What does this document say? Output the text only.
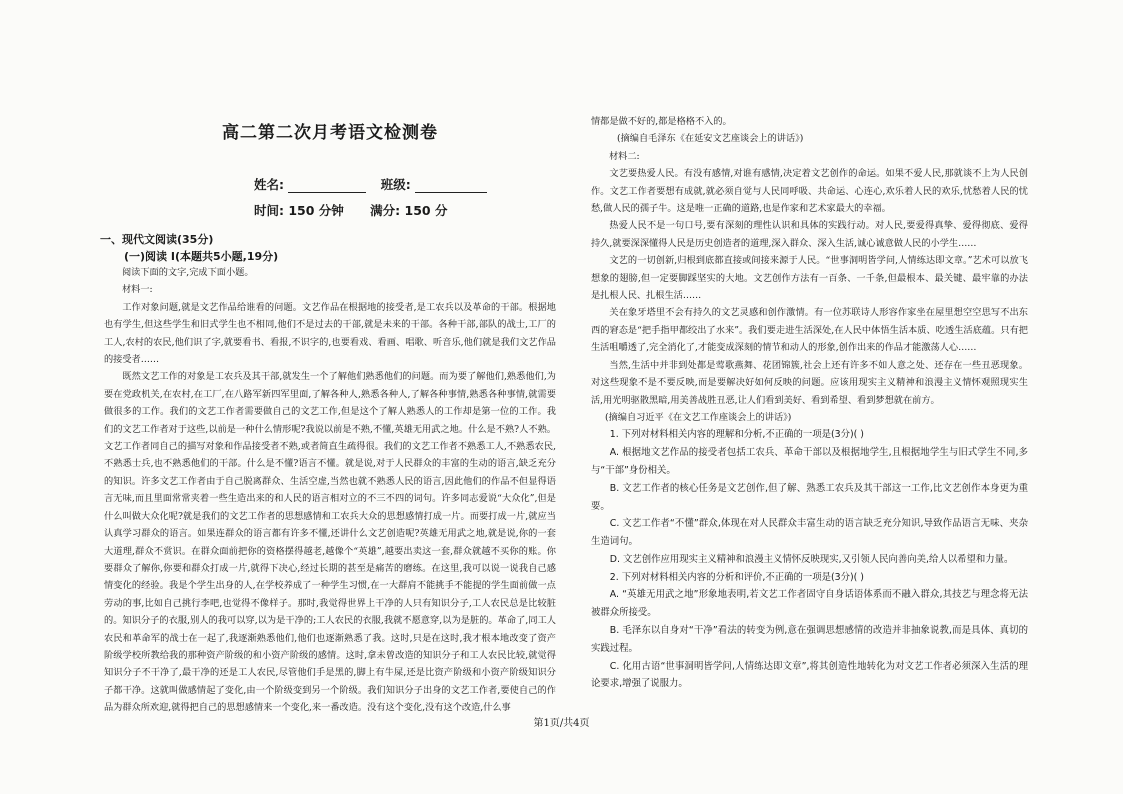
高二第二次月考语文检测卷
姓名:	班级:
时间: 150 分钟 满分: 150 分
一、现代文阅读(35分)
(一)阅读 I(本题共5小题,19分)
阅读下面的文字,完成下面小题。
材料一:

工作对象问题,就是文艺作品给谁看的问题。文艺作品在根据地的接受者,是工农兵以及革命的干部。根据地也有学生,但这些学生和旧式学生也不相同,他们不是过去的干部,就是未来的干部。各种干部,部队的战士,工厂的工人,农村的农民,他们识了字,就要看书、看报,不识字的,也要看戏、看画、唱歌、听音乐,他们就是我们文艺作品的接受者……

既然文艺工作的对象是工农兵及其干部,就发生一个了解他们熟悉他们的问题。而为要了解他们,熟悉他们,为要在党政机关,在农村,在工厂,在八路军新四军里面,了解各种人,熟悉各种人,了解各种事情,熟悉各种事情,就需要做很多的工作。我们的文艺工作者需要做自己的文艺工作,但是这个了解人熟悉人的工作却是第一位的工作。我们的文艺工作者对于这些,以前是一种什么情形呢?我说以前是不熟,不懂,英雄无用武之地。什么是不熟?人不熟。文艺工作者同自己的描写对象和作品接受者不熟,或者简直生疏得很。我们的文艺工作者不熟悉工人,不熟悉农民,不熟悉士兵,也不熟悉他们的干部。什么是不懂?语言不懂。就是说,对于人民群众的丰富的生动的语言,缺乏充分的知识。许多文艺工作者由于自己脱离群众、生活空虚,当然也就不熟悉人民的语言,因此他们的作品不但显得语言无味,而且里面常常夹着一些生造出来的和人民的语言相对立的不三不四的词句。许多同志爱说“大众化”,但是什么叫做大众化呢?就是我们的文艺工作者的思想感情和工农兵大众的思想感情打成一片。而要打成一片,就应当认真学习群众的语言。如果连群众的语言都有许多不懂,还讲什么文艺创造呢?英雄无用武之地,就是说,你的一套大道理,群众不赏识。在群众面前把你的资格摆得越老,越像个“英雄”,越要出卖这一套,群众就越不买你的账。你要群众了解你,你要和群众打成一片,就得下决心,经过长期的甚至是痛苦的磨练。在这里,我可以说一说我自己感情变化的经验。我是个学生出身的人,在学校养成了一种学生习惯,在一大群肩不能挑手不能提的学生面前做一点劳动的事,比如自己挑行李吧,也觉得不像样子。那时,我觉得世界上干净的人只有知识分子,工人农民总是比较脏的。知识分子的衣服,别人的我可以穿,以为是干净的;工人农民的衣服,我就不愿意穿,以为是脏的。革命了,同工人农民和革命军的战士在一起了,我逐渐熟悉他们,他们也逐渐熟悉了我。这时,只是在这时,我才根本地改变了资产阶级学校所教给我的那种资产阶级的和小资产阶级的感情。这时,拿未曾改造的知识分子和工人农民比较,就觉得知识分子不干净了,最干净的还是工人农民,尽管他们手是黑的,脚上有牛屎,还是比资产阶级和小资产阶级知识分子都干净。这就叫做感情起了变化,由一个阶级变到另一个阶级。我们知识分子出身的文艺工作者,要使自己的作品为群众所欢迎,就得把自己的思想感情来一个变化,来一番改造。没有这个变化,没有这个改造,什么事

情都是做不好的,都是格格不入的。

(摘编自毛泽东《在延安文艺座谈会上的讲话》)
材料二:

文艺要热爱人民。有没有感情,对谁有感情,决定着文艺创作的命运。如果不爱人民,那就谈不上为人民创作。文艺工作者要想有成就,就必须自觉与人民同呼吸、共命运、心连心,欢乐着人民的欢乐,忧愁着人民的忧愁,做人民的孺子牛。这是唯一正确的道路,也是作家和艺术家最大的幸福。

热爱人民不是一句口号,要有深刻的理性认识和具体的实践行动。对人民,要爱得真挚、爱得彻底、爱得持久,就要深深懂得人民是历史创造者的道理,深入群众、深入生活,诚心诚意做人民的小学生……

文艺的一切创新,归根到底都直接或间接来源于人民。“世事洞明皆学问,人情练达即文章。”艺术可以放飞想象的翅膀,但一定要脚踩坚实的大地。文艺创作方法有一百条、一千条,但最根本、最关键、最牢靠的办法是扎根人民、扎根生活……

关在象牙塔里不会有持久的文艺灵感和创作激情。有一位苏联诗人形容作家坐在屋里想空空思写不出东西的窘态是“把手指甲都绞出了水来”。我们要走进生活深处,在人民中体悟生活本质、吃透生活底蕴。只有把生活咀嚼透了,完全消化了,才能变成深刻的情节和动人的形象,创作出来的作品才能激荡人心……

当然,生活中并非到处都是莺歌燕舞、花团锦簇,社会上还有许多不如人意之处、还存在一些丑恶现象。对这些现象不是不要反映,而是要解决好如何反映的问题。应该用现实主义精神和浪漫主义情怀观照现实生活,用光明驱散黑暗,用美善战胜丑恶,让人们看到美好、看到希望、看到梦想就在前方。

(摘编自习近平《在文艺工作座谈会上的讲话》)

1. 下列对材料相关内容的理解和分析,不正确的一项是(3分)( )

A. 根据地文艺作品的接受者包括工农兵、革命干部以及根据地学生,且根据地学生与旧式学生不同,多与“干部”身份相关。

B. 文艺工作者的核心任务是文艺创作,但了解、熟悉工农兵及其干部这一工作,比文艺创作本身更为重要。

C. 文艺工作者“不懂”群众,体现在对人民群众丰富生动的语言缺乏充分知识,导致作品语言无味、夹杂生造词句。

D. 文艺创作应用现实主义精神和浪漫主义情怀反映现实,又引领人民向善向美,给人以希望和力量。

2. 下列对材料相关内容的分析和评价,不正确的一项是(3分)( )

A. “英雄无用武之地”形象地表明,若文艺工作者固守自身话语体系而不融入群众,其技艺与理念将无法被群众所接受。

B. 毛泽东以自身对“干净”看法的转变为例,意在强调思想感情的改造并非抽象说教,而是具体、真切的实践过程。

C. 化用古语“世事洞明皆学问,人情练达即文章”,将其创造性地转化为对文艺工作者必须深入生活的理论要求,增强了说服力。

第1页/共4页
